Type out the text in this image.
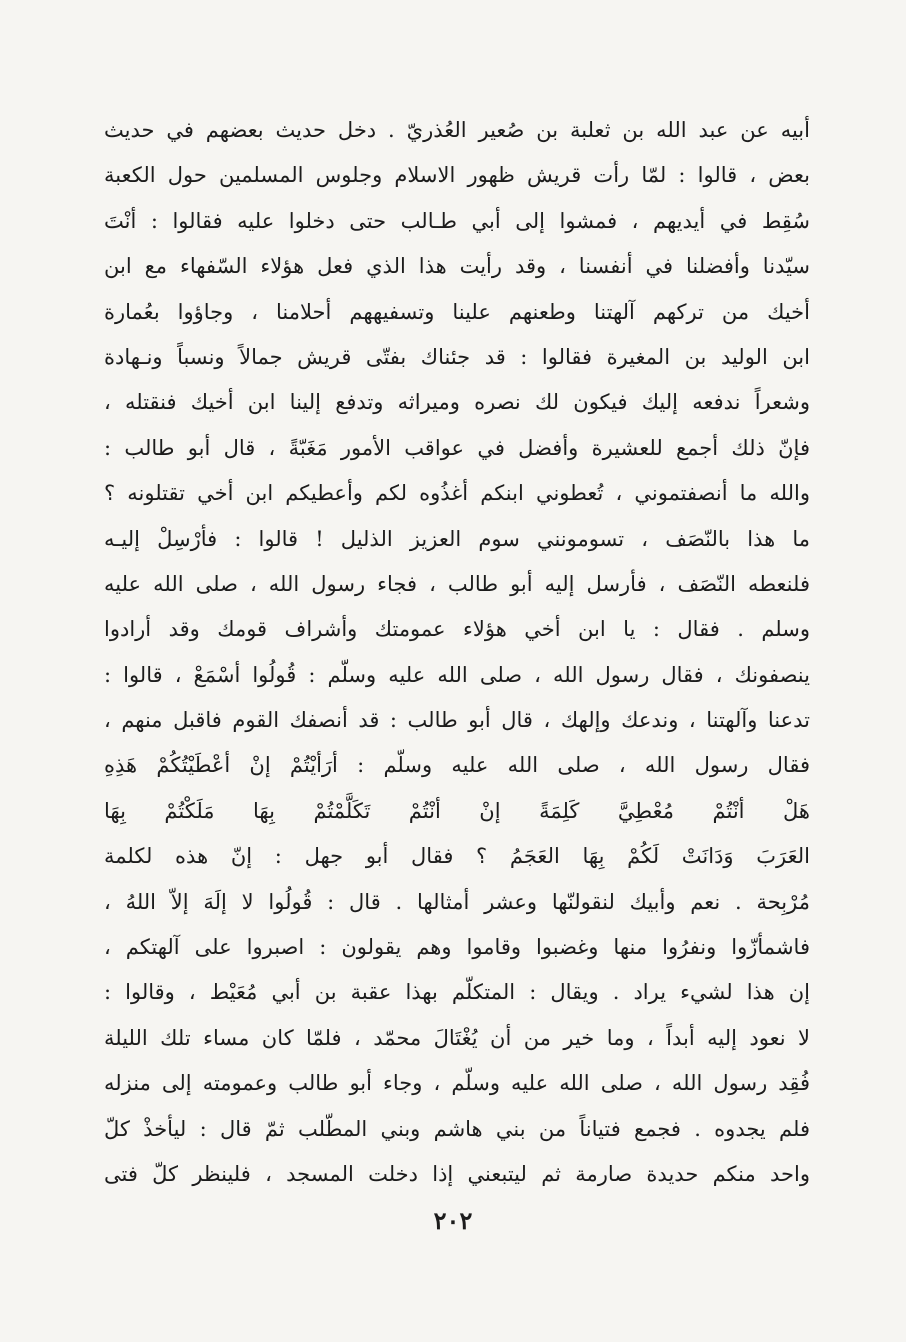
أبيه عن عبد الله بن ثعلبة بن صُعير العُذريّ . دخل حديث بعضهم في حديث
بعض ، قالوا : لمّا رأت قريش ظهور الاسلام وجلوس المسلمين حول الكعبة
سُقِط في أيديهم ، فمشوا إلى أبي طـالب حتى دخلوا عليه فقالوا : أنْتَ
سيّدنا وأفضلنا في أنفسنا ، وقد رأيت هذا الذي فعل هؤلاء السّفهاء مع ابن
أخيك من تركهم آلهتنا وطعنهم علينا وتسفيههم أحلامنا ، وجاؤوا بعُمارة
ابن الوليد بن المغيرة فقالوا : قد جئناك بفتّى قريش جمالاً ونسباً ونـهادة
وشعراً ندفعه إليك فيكون لك نصره وميراثه وتدفع إلينا ابن أخيك فنقتله ،
فإنّ ذلك أجمع للعشيرة وأفضل في عواقب الأمور مَغَبّةً ، قال أبو طالب :
والله ما أنصفتموني ، تُعطوني ابنكم أغذُوه لكم وأعطيكم ابن أخي تقتلونه ؟
ما هذا بالنّصَف ، تسومونني سوم العزيز الذليل ! قالوا : فأرْسِلْ إليـه
فلنعطه النّصَف ، فأرسل إليه أبو طالب ، فجاء رسول الله ، صلى الله عليه
وسلم . فقال : يا ابن أخي هؤلاء عمومتك وأشراف قومك وقد أرادوا
ينصفونك ، فقال رسول الله ، صلى الله عليه وسلّم : قُولُوا أسْمَعْ ، قالوا :
تدعنا وآلهتنا ، وندعك وإلهك ، قال أبو طالب : قد أنصفك القوم فاقبل منهم ،
فقال رسول الله ، صلى الله عليه وسلّم : أرَأيْتُمْ إنْ أعْطَيْتُكُمْ هَذِهِ
هَلْ أنْتُمْ مُعْطِيَّ كَلِمَةً إنْ أنْتُمْ تَكَلَّمْتُمْ بِهَا مَلَكْتُمْ بِهَا
العَرَبَ وَدَانَتْ لَكُمْ بِهَا العَجَمُ ؟ فقال أبو جهل : إنّ هذه لكلمة
مُرْبِحة . نعم وأبيك لنقولنّها وعشر أمثالها . قال : قُولُوا لا إلَهَ إلاّ اللهُ ،
فاشمأزّوا ونفرُوا منها وغضبوا وقاموا وهم يقولون : اصبروا على آلهتكم ،
إن هذا لشيء يراد . ويقال : المتكلّم بهذا عقبة بن أبي مُعَيْط ، وقالوا :
لا نعود إليه أبداً ، وما خير من أن يُغْتَالَ محمّد ، فلمّا كان مساء تلك الليلة
فُقِد رسول الله ، صلى الله عليه وسلّم ، وجاء أبو طالب وعمومته إلى منزله
فلم يجدوه . فجمع فتياناً من بني هاشم وبني المطّلب ثمّ قال : ليأخذْ كلّ
واحد منكم حديدة صارمة ثم ليتبعني إذا دخلت المسجد ، فلينظر كلّ فتى
٢٠٢
